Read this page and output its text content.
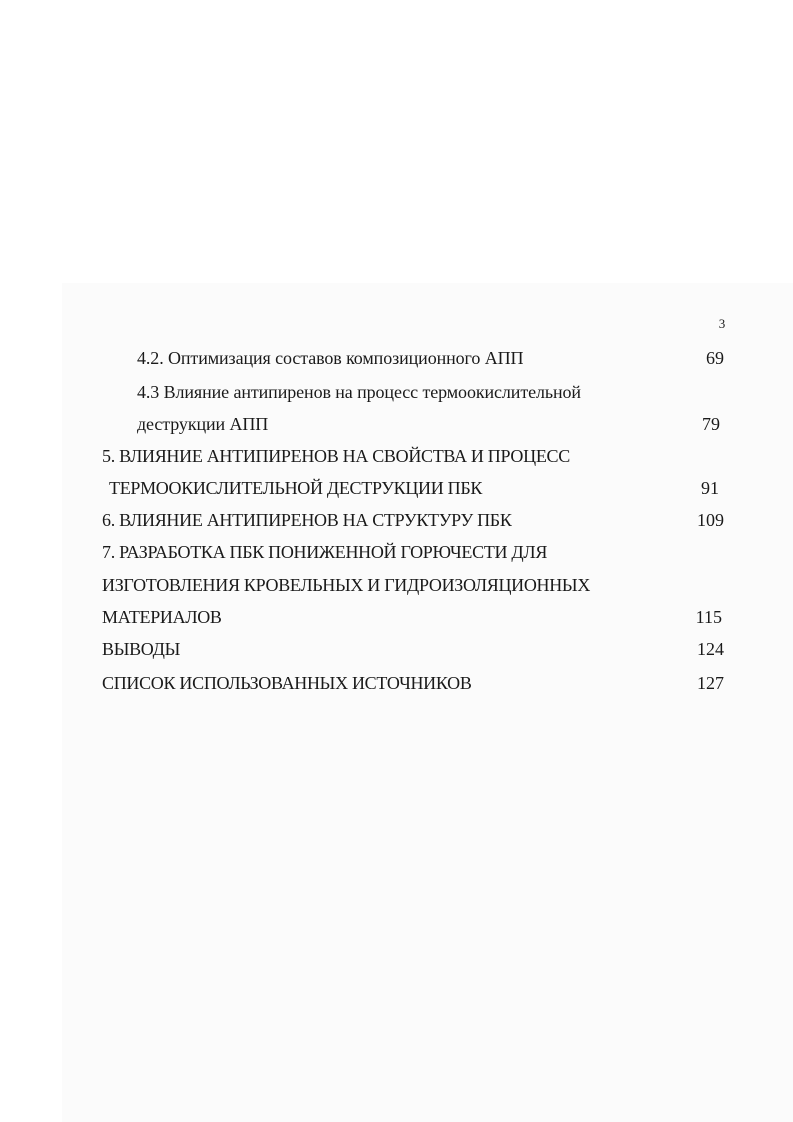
3
4.2. Оптимизация составов композиционного АПП	69
4.3 Влияние антипиренов на процесс термоокислительной
деструкции АПП	79
5. ВЛИЯНИЕ АНТИПИРЕНОВ НА СВОЙСТВА И ПРОЦЕСС
ТЕРМООКИСЛИТЕЛЬНОЙ ДЕСТРУКЦИИ ПБК	91
6. ВЛИЯНИЕ АНТИПИРЕНОВ НА СТРУКТУРУ ПБК	109
7. РАЗРАБОТКА ПБК ПОНИЖЕННОЙ ГОРЮЧЕСТИ ДЛЯ
ИЗГОТОВЛЕНИЯ КРОВЕЛЬНЫХ И ГИДРОИЗОЛЯЦИОННЫХ
МАТЕРИАЛОВ	115
ВЫВОДЫ	124
СПИСОК ИСПОЛЬЗОВАННЫХ ИСТОЧНИКОВ	127
